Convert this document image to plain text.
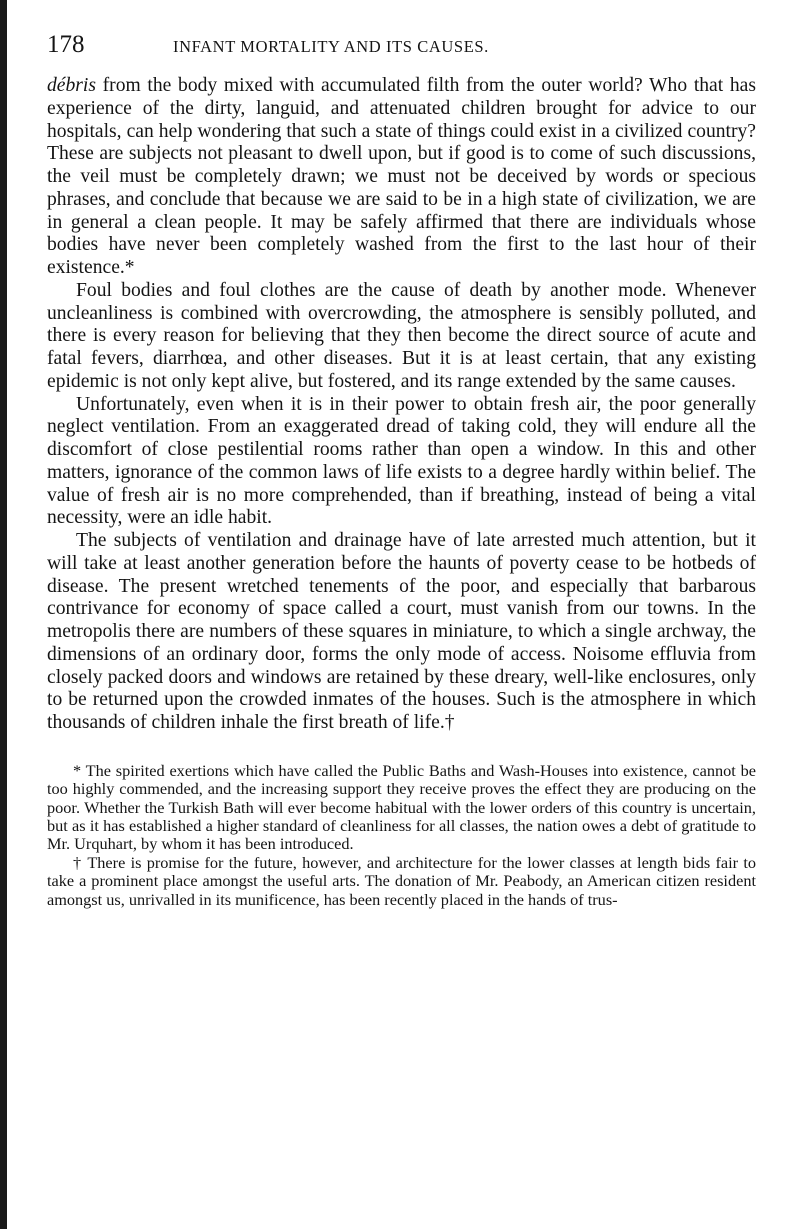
178	INFANT MORTALITY AND ITS CAUSES.

débris from the body mixed with accumulated filth from the outer world? Who that has experience of the dirty, languid, and attenuated children brought for advice to our hospitals, can help wondering that such a state of things could exist in a civilized country? These are subjects not pleasant to dwell upon, but if good is to come of such discussions, the veil must be completely drawn; we must not be deceived by words or specious phrases, and conclude that because we are said to be in a high state of civilization, we are in general a clean people. It may be safely affirmed that there are individuals whose bodies have never been completely washed from the first to the last hour of their existence.*

Foul bodies and foul clothes are the cause of death by another mode. Whenever uncleanliness is combined with overcrowding, the atmosphere is sensibly polluted, and there is every reason for believing that they then become the direct source of acute and fatal fevers, diarrhœa, and other diseases. But it is at least certain, that any existing epidemic is not only kept alive, but fostered, and its range extended by the same causes.

Unfortunately, even when it is in their power to obtain fresh air, the poor generally neglect ventilation. From an exaggerated dread of taking cold, they will endure all the discomfort of close pestilential rooms rather than open a window. In this and other matters, ignorance of the common laws of life exists to a degree hardly within belief. The value of fresh air is no more comprehended, than if breathing, instead of being a vital necessity, were an idle habit.

The subjects of ventilation and drainage have of late arrested much attention, but it will take at least another generation before the haunts of poverty cease to be hotbeds of disease. The present wretched tenements of the poor, and especially that barbarous contrivance for economy of space called a court, must vanish from our towns. In the metropolis there are numbers of these squares in miniature, to which a single archway, the dimensions of an ordinary door, forms the only mode of access. Noisome effluvia from closely packed doors and windows are retained by these dreary, well-like enclosures, only to be returned upon the crowded inmates of the houses. Such is the atmosphere in which thousands of children inhale the first breath of life.†

* The spirited exertions which have called the Public Baths and Wash-Houses into existence, cannot be too highly commended, and the increasing support they receive proves the effect they are producing on the poor. Whether the Turkish Bath will ever become habitual with the lower orders of this country is uncertain, but as it has established a higher standard of cleanliness for all classes, the nation owes a debt of gratitude to Mr. Urquhart, by whom it has been introduced.

† There is promise for the future, however, and architecture for the lower classes at length bids fair to take a prominent place amongst the useful arts. The donation of Mr. Peabody, an American citizen resident amongst us, unrivalled in its munificence, has been recently placed in the hands of trus-
